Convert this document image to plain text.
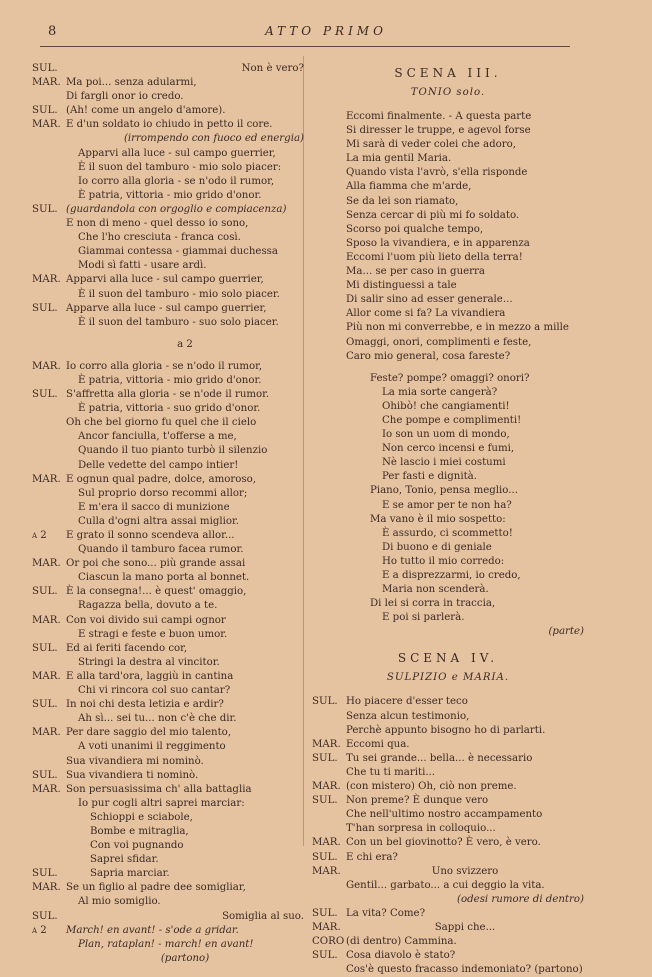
8	ATTO PRIMO
SUL.	Non è vero?
MAR. Ma poi... senza adularmi,
Di fargli onor io credo.
SUL. (Ah! come un angelo d'amore).
MAR. E d'un soldato io chiudo in petto il core.
(irrompendo con fuoco ed energia)
Apparvi alla luce - sul campo guerrier,
È il suon del tamburo - mio solo piacer:
Io corro alla gloria - se n'odo il rumor,
È patria, vittoria - mio grido d'onor.
SUL. (guardandola con orgoglio e compiacenza)
E non di meno - quel desso io sono,
Che l'ho cresciuta - franca così.
Giammai contessa - giammai duchessa
Modi sì fatti - usare ardì.
MAR. Apparvi alla luce - sul campo guerrier,
È il suon del tamburo - mio solo piacer.
SUL. Apparve alla luce - sul campo guerrier,
È il suon del tamburo - suo solo piacer.
a 2
MAR. Io corro alla gloria - se n'odo il rumor,
È patria, vittoria - mio grido d'onor.
SUL. S'affretta alla gloria - se n'ode il rumor.
È patria, vittoria - suo grido d'onor.
Oh che bel giorno fu quel che il cielo
Ancor fanciulla, t'offerse a me,
Quando il tuo pianto turbò il silenzio
Delle vedette del campo intier!
MAR. E ognun qual padre, dolce, amoroso,
Sul proprio dorso recommi allor;
E m'era il sacco di munizione
Culla d'ogni altra assai miglior.
a 2	E grato il sonno scendeva allor...
Quando il tamburo facea rumor.
MAR. Or poi che sono... più grande assai
Ciascun la mano porta al bonnet.
SUL. È la consegna!... è quest' omaggio,
Ragazza bella, dovuto a te.
MAR. Con voi divido sui campi ognor
E stragi e feste e buon umor.
SUL. Ed ai feriti facendo cor,
Stringi la destra al vincitor.
MAR. E alla tard'ora, laggiù in cantina
Chi vi rincora col suo cantar?
SUL. In noi chi desta letizia e ardir?
Ah sì... sei tu... non c'è che dir.
MAR. Per dare saggio del mio talento,
A voti unanimi il reggimento
Sua vivandiera mi nominò.
SUL. Sua vivandiera ti nominò.
MAR. Son persuasissima ch' alla battaglia
Io pur cogli altri saprei marciar:
Schioppi e sciabole,
Bombe e mitraglia,
Con voi pugnando
Saprei sfidar.
SUL.	Sapria marciar.
MAR. Se un figlio al padre dee somigliar,
Al mio somiglio.
SUL.	Somiglia al suo.
a 2	March! en avant! - s'ode a gridar.
Plan, rataplan! - march! en avant!
(partono)
SCENA III.
TONIO solo.
Eccomi finalmente. - A questa parte
Si diresser le truppe, e agevol forse
Mi sarà di veder colei che adoro,
La mia gentil Maria.
Quando vista l'avrò, s'ella risponde
Alla fiamma che m'arde,
Se da lei son riamato,
Senza cercar di più mi fo soldato.
Scorso poi qualche tempo,
Sposo la vivandiera, e in apparenza
Eccomi l'uom più lieto della terra!
Ma... se per caso in guerra
Mi distinguessi a tale
Di salir sino ad esser generale...
Allor come si fa? La vivandiera
Più non mi converrebbe, e in mezzo a mille
Omaggi, onori, complimenti e feste,
Caro mio general, cosa fareste?
Feste? pompe? omaggi? onori?
La mia sorte cangerà?
Ohibò! che cangiamenti!
Che pompe e complimenti!
Io son un uom di mondo,
Non cerco incensi e fumi,
Nè lascio i miei costumi
Per fasti e dignità.
Piano, Tonio, pensa meglio...
E se amor per te non ha?
Ma vano è il mio sospetto:
È assurdo, ci scommetto!
Di buono e di geniale
Ho tutto il mio corredo:
E a disprezzarmi, io credo,
Maria non scenderà.
Di lei si corra in traccia,
E poi si parlerà.
(parte)
SCENA IV.
SULPIZIO e MARIA.
SUL. Ho piacere d'esser teco
Senza alcun testimonio,
Perchè appunto bisogno ho di parlarti.
MAR. Eccomi qua.
SUL. Tu sei grande... bella... è necessario
Che tu ti mariti...
MAR. (con mistero) Oh, ciò non preme.
SUL. Non preme? È dunque vero
Che nell'ultimo nostro accampamento
T'han sorpresa in colloquio...
MAR. Con un bel giovinotto? È vero, è vero.
SUL. E chi era?
MAR.	Uno svizzero
Gentil... garbato... a cui deggio la vita.
(odesi rumore di dentro)
SUL. La vita? Come?
MAR.	Sappi che...
CORO (di dentro) Cammina.
SUL. Cosa diavolo è stato?
Cos'è questo fracasso indemoniato? (partono)
